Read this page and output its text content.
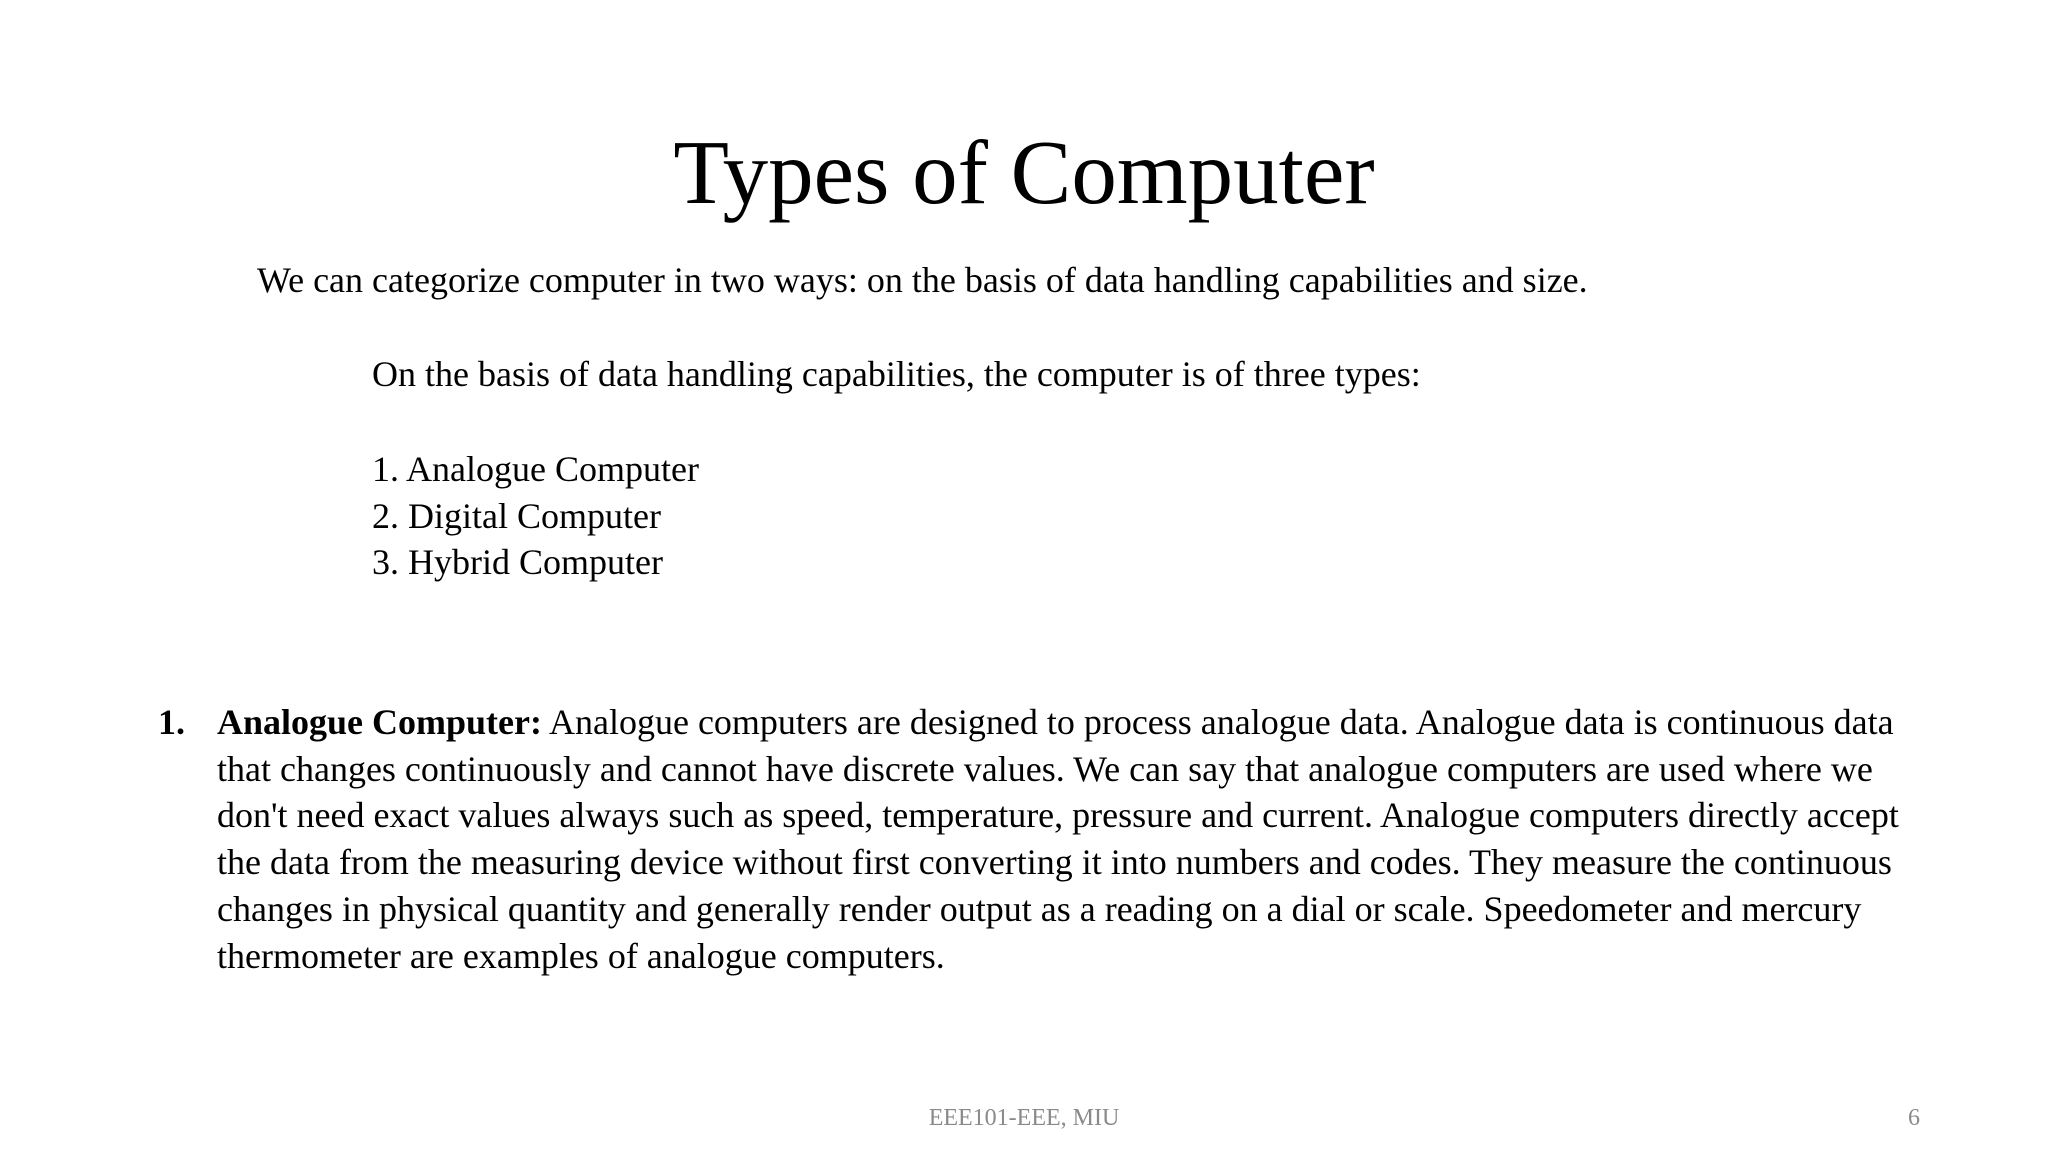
Types of Computer
We can categorize computer in two ways: on the basis of data handling capabilities and size.
On the basis of data handling capabilities, the computer is of three types:
1. Analogue Computer
2. Digital Computer
3. Hybrid Computer
1. Analogue Computer: Analogue computers are designed to process analogue data. Analogue data is continuous data
that changes continuously and cannot have discrete values. We can say that analogue computers are used where we
don't need exact values always such as speed, temperature, pressure and current. Analogue computers directly accept
the data from the measuring device without first converting it into numbers and codes. They measure the continuous
changes in physical quantity and generally render output as a reading on a dial or scale. Speedometer and mercury
thermometer are examples of analogue computers.
EEE101-EEE, MIU	6
